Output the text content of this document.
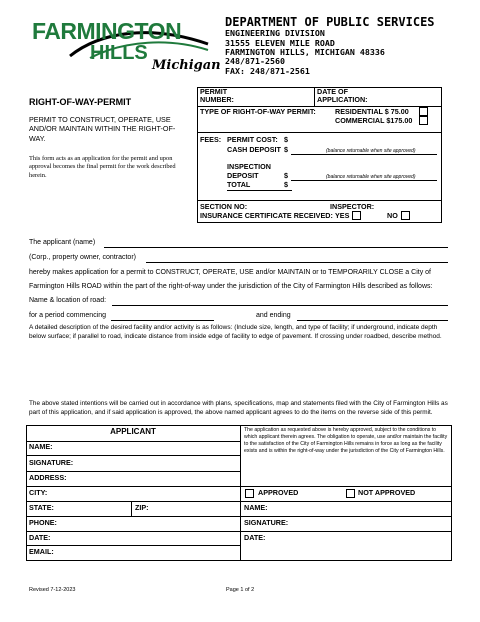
FARMINGTON
HILLS
Michigan
DEPARTMENT OF PUBLIC SERVICES
ENGINEERING DIVISION
31555 ELEVEN MILE ROAD
FARMINGTON HILLS, MICHIGAN 48336
248/871-2560
FAX: 248/871-2561
RIGHT-OF-WAY-PERMIT
PERMIT TO CONSTRUCT, OPERATE, USE AND/OR MAINTAIN WITHIN THE RIGHT-OF-WAY.
This form acts as an application for the permit and upon approval becomes the final permit for the work described herein.
PERMIT NUMBER:
DATE OF APPLICATION:
TYPE OF RIGHT-OF-WAY PERMIT:	RESIDENTIAL $ 75.00
COMMERCIAL $175.00
FEES: PERMIT COST: $
CASH DEPOSIT $	(balance returnable when site approved)
INSPECTION
DEPOSIT	$	(balance returnable when site approved)
TOTAL	$
SECTION NO:	INSPECTOR:
INSURANCE CERTIFICATE RECEIVED: YES	NO
The applicant (name)
(Corp., property owner, contractor)
hereby makes application for a permit to CONSTRUCT, OPERATE, USE and/or MAINTAIN or to TEMPORARILY CLOSE a City of
Farmington Hills ROAD within the part of the right-of-way under the jurisdiction of the City of Farmington Hills described as follows:
Name & location of road:
for a period commencing	and ending
A detailed description of the desired facility and/or activity is as follows: (Include size, length, and type of facility; if underground, indicate depth below surface; if parallel to road, indicate distance from inside edge of facility to edge of pavement. If crossing under roadbed, describe method.
The above stated intentions will be carried out in accordance with plans, specifications, map and statements filed with the City of Farmington Hills as part of this application, and if said application is approved, the above named applicant agrees to do the items on the reverse side of this permit.
APPLICANT
NAME:
SIGNATURE:
ADDRESS:
CITY:
STATE:	ZIP:
PHONE:
DATE:
EMAIL:
The application as requested above is hereby approved, subject to the conditions to which applicant therein agrees. The obligation to operate, use and/or maintain the facility to the satisfaction of the City of Farmington Hills remains in force as long as the facility exists and is within the right-of-way under the jurisdiction of the City of Farmington Hills.
APPROVED	NOT APPROVED
NAME:
SIGNATURE:
DATE:
Revised 7-12-2023	Page 1 of 2
